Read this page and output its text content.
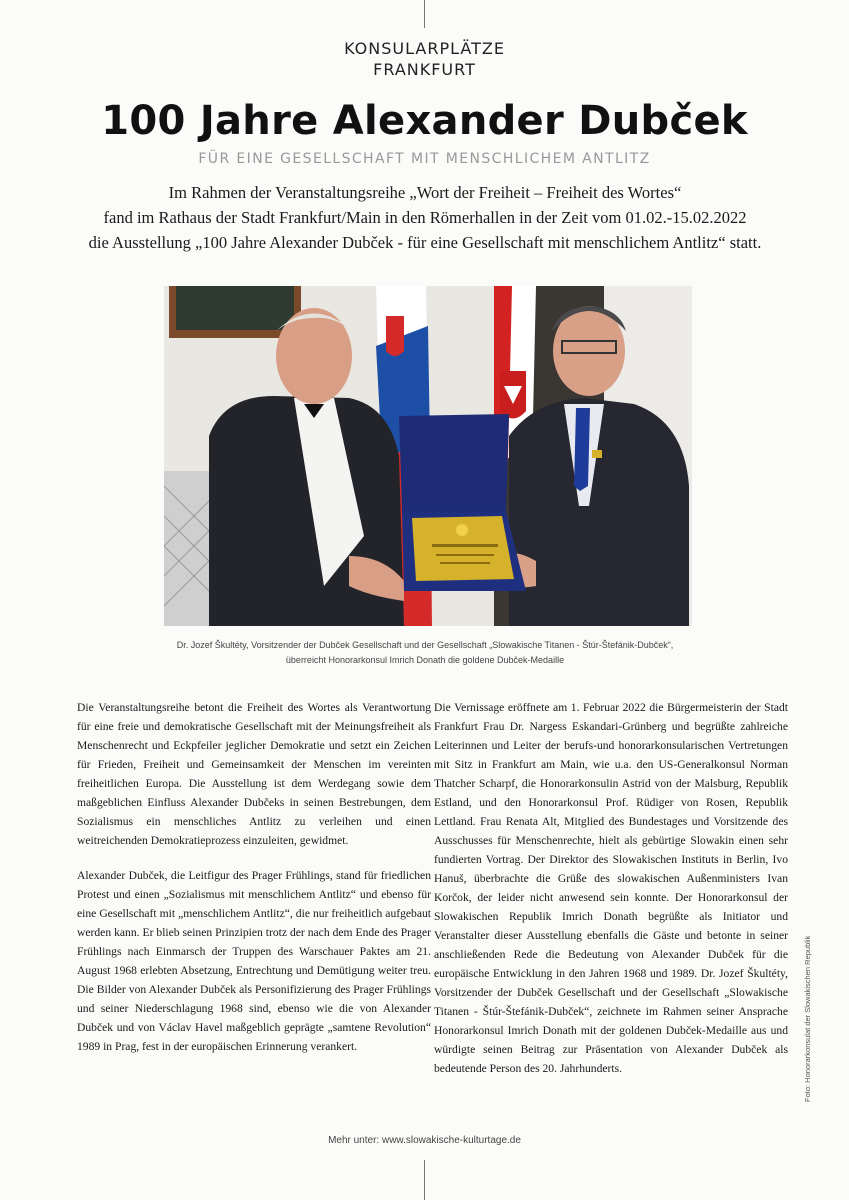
KONSULARPLÄTZE
FRANKFURT
100 Jahre Alexander Dubček
FÜR EINE GESELLSCHAFT MIT MENSCHLICHEM ANTLITZ
Im Rahmen der Veranstaltungsreihe „Wort der Freiheit – Freiheit des Wortes“
fand im Rathaus der Stadt Frankfurt/Main in den Römerhallen in der Zeit vom 01.02.-15.02.2022
die Ausstellung „100 Jahre Alexander Dubček - für eine Gesellschaft mit menschlichem Antlitz“ statt.
Dr. Jozef Škultéty, Vorsitzender der Dubček Gesellschaft und der Gesellschaft „Slowakische Titanen - Štúr-Štefánik-Dubček“,
überreicht Honorarkonsul Imrich Donath die goldene Dubček-Medaille

Die Veranstaltungsreihe betont die Freiheit des Wortes als Verantwortung für eine freie und demokratische Gesellschaft mit der Meinungsfreiheit als Menschenrecht und Eckpfeiler jeglicher Demokratie und setzt ein Zeichen für Frieden, Freiheit und Gemeinsamkeit der Menschen im vereinten freiheitlichen Europa. Die Ausstellung ist dem Werdegang sowie dem maßgeblichen Einfluss Alexander Dubčeks in seinen Bestrebungen, dem Sozialismus ein menschliches Antlitz zu verleihen und einen weitreichenden Demokratieprozess einzuleiten, gewidmet.

Alexander Dubček, die Leitfigur des Prager Frühlings, stand für friedlichen Protest und einen „Sozialismus mit menschlichem Antlitz“ und ebenso für eine Gesellschaft mit „menschlichem Antlitz“, die nur freiheitlich aufgebaut werden kann. Er blieb seinen Prinzipien trotz der nach dem Ende des Prager Frühlings nach Einmarsch der Truppen des Warschauer Paktes am 21. August 1968 erlebten Absetzung, Entrechtung und Demütigung weiter treu. Die Bilder von Alexander Dubček als Personifizierung des Prager Frühlings und seiner Niederschlagung 1968 sind, ebenso wie die von Alexander Dubček und von Václav Havel maßgeblich geprägte „samtene Revolution“ 1989 in Prag, fest in der europäischen Erinnerung verankert.

Die Vernissage eröffnete am 1. Februar 2022 die Bürgermeisterin der Stadt Frankfurt Frau Dr. Nargess Eskandari-Grünberg und begrüßte zahlreiche Leiterinnen und Leiter der berufs-und honorarkonsularischen Vertretungen mit Sitz in Frankfurt am Main, wie u.a. den US-Generalkonsul Norman Thatcher Scharpf, die Honorarkonsulin Astrid von der Malsburg, Republik Estland, und den Honorarkonsul Prof. Rüdiger von Rosen, Republik Lettland. Frau Renata Alt, Mitglied des Bundestages und Vorsitzende des Ausschusses für Menschenrechte, hielt als gebürtige Slowakin einen sehr fundierten Vortrag. Der Direktor des Slowakischen Instituts in Berlin, Ivo Hanuš, überbrachte die Grüße des slowakischen Außenministers Ivan Korčok, der leider nicht anwesend sein konnte. Der Honorarkonsul der Slowakischen Republik Imrich Donath begrüßte als Initiator und Veranstalter dieser Ausstellung ebenfalls die Gäste und betonte in seiner anschließenden Rede die Bedeutung von Alexander Dubček für die europäische Entwicklung in den Jahren 1968 und 1989. Dr. Jozef Škultéty, Vorsitzender der Dubček Gesellschaft und der Gesellschaft „Slowakische Titanen - Štúr-Štefánik-Dubček“, zeichnete im Rahmen seiner Ansprache Honorarkonsul Imrich Donath mit der goldenen Dubček-Medaille aus und würdigte seinen Beitrag zur Präsentation von Alexander Dubček als bedeutende Person des 20. Jahrhunderts.	Foto: Honorarkonsulat der Slowakischen Republik
Mehr unter: www.slowakische-kulturtage.de
